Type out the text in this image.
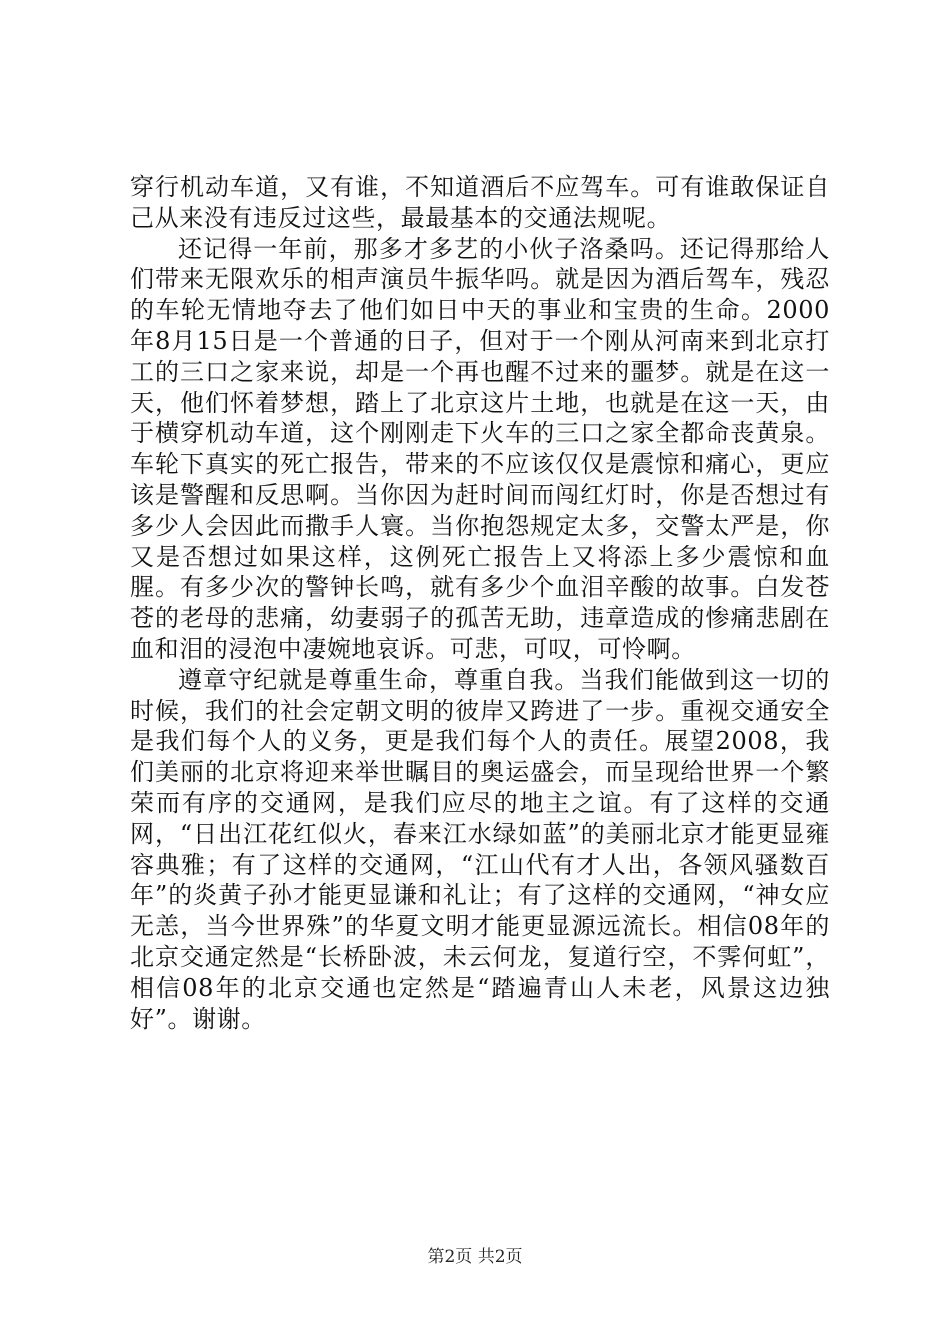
穿行机动车道，又有谁，不知道酒后不应驾车。可有谁敢保证自己从来没有违反过这些，最最基本的交通法规呢。

还记得一年前，那多才多艺的小伙子洛桑吗。还记得那给人们带来无限欢乐的相声演员牛振华吗。就是因为酒后驾车，残忍的车轮无情地夺去了他们如日中天的事业和宝贵的生命。2000年8月15日是一个普通的日子，但对于一个刚从河南来到北京打工的三口之家来说，却是一个再也醒不过来的噩梦。就是在这一天，他们怀着梦想，踏上了北京这片土地，也就是在这一天，由于横穿机动车道，这个刚刚走下火车的三口之家全都命丧黄泉。车轮下真实的死亡报告，带来的不应该仅仅是震惊和痛心，更应该是警醒和反思啊。当你因为赶时间而闯红灯时，你是否想过有多少人会因此而撒手人寰。当你抱怨规定太多，交警太严是，你又是否想过如果这样，这例死亡报告上又将添上多少震惊和血腥。有多少次的警钟长鸣，就有多少个血泪辛酸的故事。白发苍苍的老母的悲痛，幼妻弱子的孤苦无助，违章造成的惨痛悲剧在血和泪的浸泡中凄婉地哀诉。可悲，可叹，可怜啊。

遵章守纪就是尊重生命，尊重自我。当我们能做到这一切的时候，我们的社会定朝文明的彼岸又跨进了一步。重视交通安全是我们每个人的义务，更是我们每个人的责任。展望2008，我们美丽的北京将迎来举世瞩目的奥运盛会，而呈现给世界一个繁荣而有序的交通网，是我们应尽的地主之谊。有了这样的交通网，“日出江花红似火，春来江水绿如蓝”的美丽北京才能更显雍容典雅；有了这样的交通网，“江山代有才人出，各领风骚数百年”的炎黄子孙才能更显谦和礼让；有了这样的交通网，“神女应无恙，当今世界殊”的华夏文明才能更显源远流长。相信08年的北京交通定然是“长桥卧波，未云何龙，复道行空，不霁何虹”，相信08年的北京交通也定然是“踏遍青山人未老，风景这边独好”。谢谢。

第2页 共2页
